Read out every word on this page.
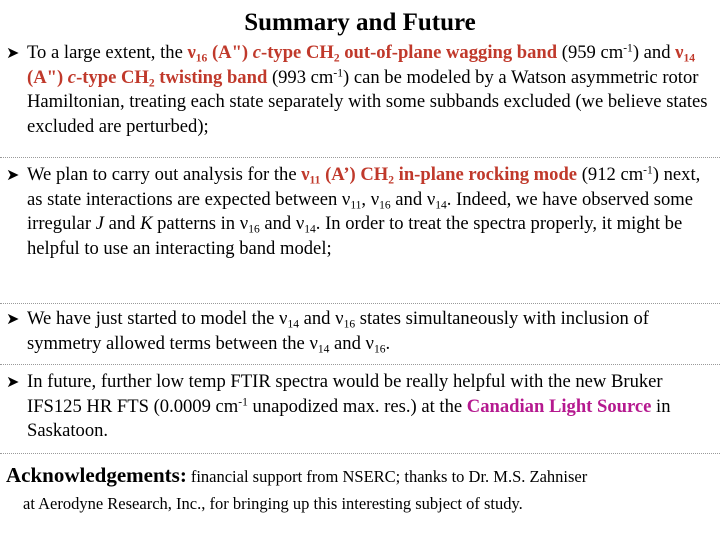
Summary and Future
➤ To a large extent, the $\nu_{16}$ (A") c-type $CH_2$ out-of-plane wagging band (959 $cm^{-1}$) and $\nu_{14}$ (A") c-type $CH_2$ twisting band (993 $cm^{-1}$) can be modeled by a Watson asymmetric rotor Hamiltonian, treating each state separately with some subbands excluded (we believe states excluded are perturbed);
➤ We plan to carry out analysis for the $\nu_{11}$ (A’) $CH_2$ in-plane rocking mode (912 $cm^{-1}$) next, as state interactions are expected between $\nu_{11}$, $\nu_{16}$ and $\nu_{14}$. Indeed, we have observed some irregular J and K patterns in $\nu_{16}$ and $\nu_{14}$. In order to treat the spectra properly, it might be helpful to use an interacting band model;
➤ We have just started to model the $\nu_{14}$ and $\nu_{16}$ states simultaneously with inclusion of symmetry allowed terms between the $\nu_{14}$ and $\nu_{16}$.
➤ In future, further low temp FTIR spectra would be really helpful with the new Bruker IFS125 HR FTS (0.0009 $cm^{-1}$ unapodized max. res.) at the Canadian Light Source in Saskatoon.
Acknowledgements: financial support from NSERC; thanks to Dr. M.S. Zahniser
at Aerodyne Research, Inc., for bringing up this interesting subject of study.
